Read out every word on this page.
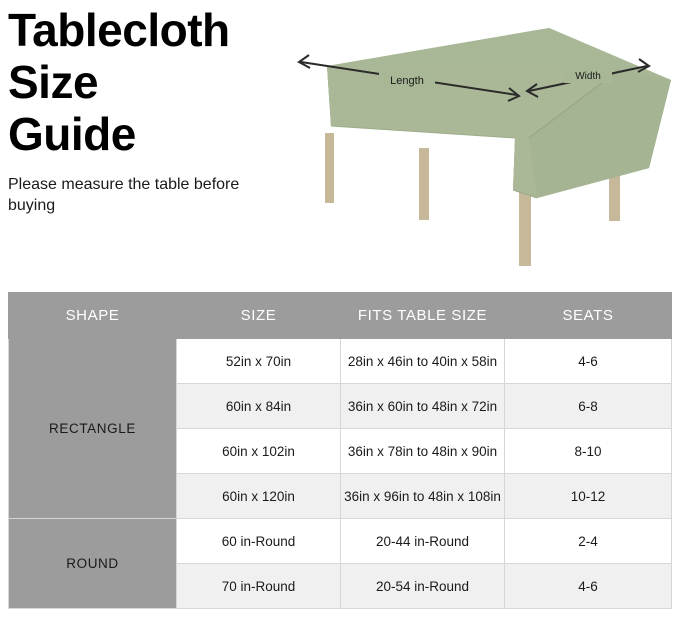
Tablecloth
Size
Guide
Please measure the table before buying
Length	Width
SHAPE	SIZE	FITS TABLE SIZE	SEATS
RECTANGLE	52in x 70in	28in x 46in to 40in x 58in	4-6
	60in x 84in	36in x 60in to 48in x 72in	6-8
	60in x 102in	36in x 78in to 48in x 90in	8-10
	60in x 120in	36in x 96in to 48in x 108in	10-12
ROUND	60 in-Round	20-44 in-Round	2-4
	70 in-Round	20-54 in-Round	4-6
